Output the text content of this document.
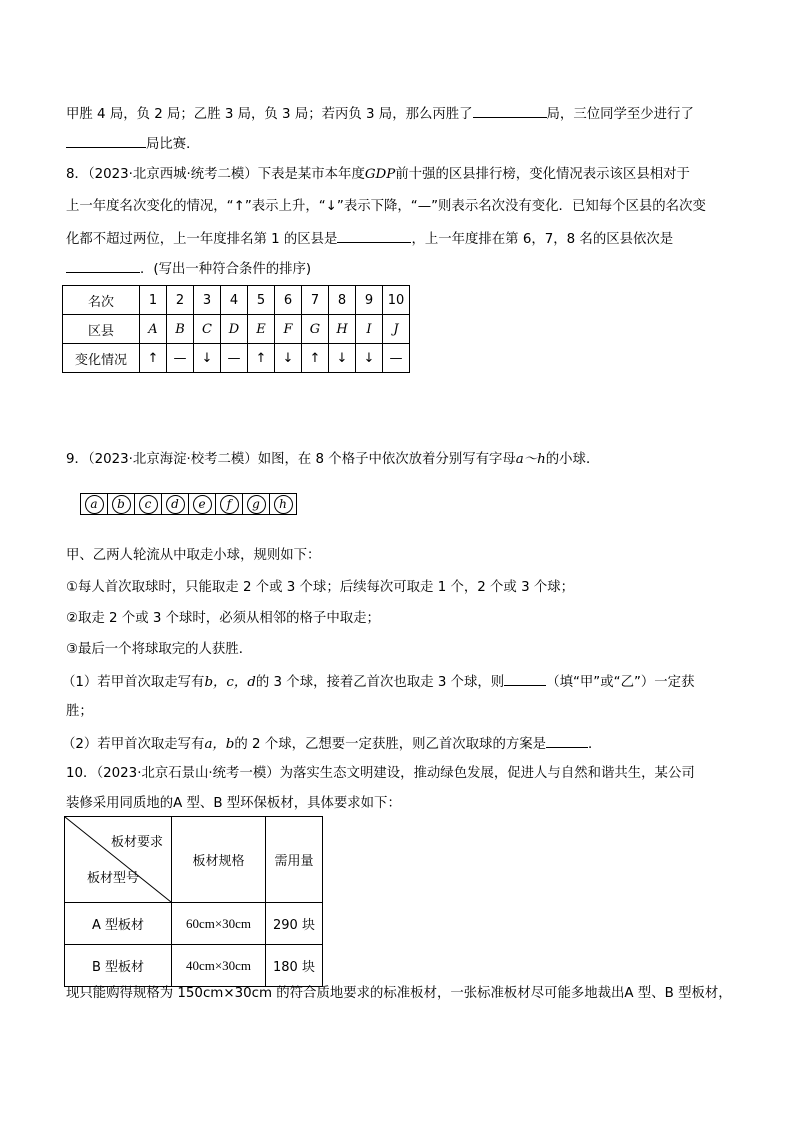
甲胜 4 局，负 2 局；乙胜 3 局，负 3 局；若丙负 3 局，那么丙胜了	局，三位同学至少进行了
局比赛．
8．（2023·北京西城·统考二模）下表是某市本年度GDP前十强的区县排行榜，变化情况表示该区县相对于
上一年度名次变化的情况，“↑”表示上升，“↓”表示下降，“—”则表示名次没有变化．已知每个区县的名次变
化都不超过两位，上一年度排名第 1 的区县是	，上一年度排在第 6，7，8 名的区县依次是
．(写出一种符合条件的排序)
名次	1	2	3	4	5	6	7	8	9	10
区县	A	B	C	D	E	F	G	H	I	J
变化情况	↑	—	↓	—	↑	↓	↑	↓	↓	—
9．（2023·北京海淀·校考二模）如图，在 8 个格子中依次放着分别写有字母a～h的小球．
a	b	c	d	e	f	g	h
甲、乙两人轮流从中取走小球，规则如下：
①每人首次取球时，只能取走 2 个或 3 个球；后续每次可取走 1 个，2 个或 3 个球；
②取走 2 个或 3 个球时，必须从相邻的格子中取走；
③最后一个将球取完的人获胜．
（1）若甲首次取走写有b，c，d的 3 个球，接着乙首次也取走 3 个球，则	（填“甲”或“乙”）一定获
胜；
（2）若甲首次取走写有a，b的 2 个球，乙想要一定获胜，则乙首次取球的方案是	．
10．（2023·北京石景山·统考一模）为落实生态文明建设，推动绿色发展，促进人与自然和谐共生，某公司
装修采用同质地的A 型、B 型环保板材，具体要求如下：
板材要求
板材型号	板材规格	需用量
A 型板材	60cm×30cm	290 块
B 型板材	40cm×30cm	180 块
现只能购得规格为 150cm×30cm 的符合质地要求的标准板材，一张标准板材尽可能多地裁出A 型、B 型板材，
